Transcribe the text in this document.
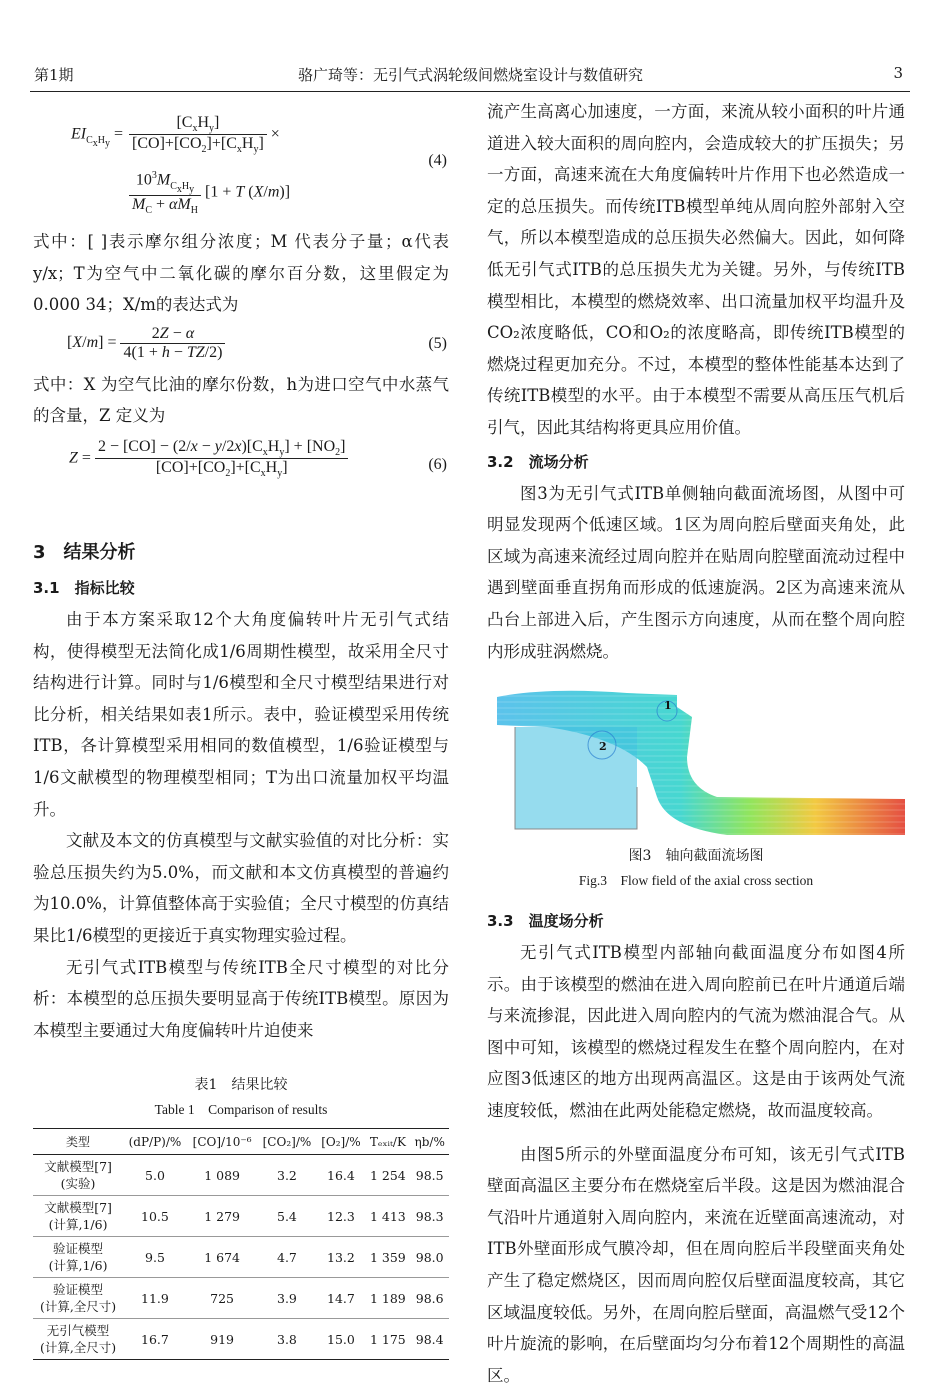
第1期	骆广琦等：无引气式涡轮级间燃烧室设计与数值研究	3
$EI_{C_xH_y} = \frac{[C_xH_y]}{[CO]+[CO_2]+[C_xH_y]}$ ×
$\frac{10^3M_{C_xH_y}}{M_C + \alpha M_H} [1 + T$ (X/m)]
(4)

式中：[ ]表示摩尔组分浓度；M 代表分子量；α代表y/x；T为空气中二氧化碳的摩尔百分数，这里假定为0.000 34；X/m的表达式为

$[X/m] = \frac{2Z - \alpha}{4(1 + h - TZ/2)}$	(5)

式中：X 为空气比油的摩尔份数，h为进口空气中水蒸气的含量，Z 定义为

$Z = \frac{2 - [CO] - (2/x - y/2x)[C_xH_y] + [NO_2]}{[CO]+[CO_2]+[C_xH_y]}$	(6)
3　结果分析
3.1　指标比较

由于本方案采取12个大角度偏转叶片无引气式结构，使得模型无法简化成1/6周期性模型，故采用全尺寸结构进行计算。同时与1/6模型和全尺寸模型结果进行对比分析，相关结果如表1所示。表中，验证模型采用传统ITB，各计算模型采用相同的数值模型，1/6验证模型与1/6文献模型的物理模型相同；T为出口流量加权平均温升。

文献及本文的仿真模型与文献实验值的对比分析：实验总压损失约为5.0%，而文献和本文仿真模型的普遍约为10.0%，计算值整体高于实验值；全尺寸模型的仿真结果比1/6模型的更接近于真实物理实验过程。

无引气式ITB模型与传统ITB全尺寸模型的对比分析：本模型的总压损失要明显高于传统ITB模型。原因为本模型主要通过大角度偏转叶片迫使来

表1　结果比较
Table 1　Comparison of results
类型	(dP/P)/%	[CO]/10⁻⁶	[CO₂]/%	[O₂]/%	Tₑₓᵢₜ/K	ηb/%
文献模型[7]
(实验)	5.0	1 089	3.2	16.4	1 254	98.5
文献模型[7]
(计算,1/6)	10.5	1 279	5.4	12.3	1 413	98.3
验证模型
(计算,1/6)	9.5	1 674	4.7	13.2	1 359	98.0
验证模型
(计算,全尺寸)	11.9	725	3.9	14.7	1 189	98.6
无引气模型
(计算,全尺寸)	16.7	919	3.8	15.0	1 175	98.4

流产生高离心加速度，一方面，来流从较小面积的叶片通道进入较大面积的周向腔内，会造成较大的扩压损失；另一方面，高速来流在大角度偏转叶片作用下也必然造成一定的总压损失。而传统ITB模型单纯从周向腔外部射入空气，所以本模型造成的总压损失必然偏大。因此，如何降低无引气式ITB的总压损失尤为关键。另外，与传统ITB模型相比，本模型的燃烧效率、出口流量加权平均温升及CO₂浓度略低，CO和O₂的浓度略高，即传统ITB模型的燃烧过程更加充分。不过，本模型的整体性能基本达到了传统ITB模型的水平。由于本模型不需要从高压压气机后引气，因此其结构将更具应用价值。

3.2　流场分析

图3为无引气式ITB单侧轴向截面流场图，从图中可明显发现两个低速区域。1区为周向腔后壁面夹角处，此区域为高速来流经过周向腔并在贴周向腔壁面流动过程中遇到壁面垂直拐角而形成的低速旋涡。2区为高速来流从凸台上部进入后，产生图示方向速度，从而在整个周向腔内形成驻涡燃烧。

1
2
图3　轴向截面流场图
Fig.3　Flow field of the axial cross section
3.3　温度场分析

无引气式ITB模型内部轴向截面温度分布如图4所示。由于该模型的燃油在进入周向腔前已在叶片通道后端与来流掺混，因此进入周向腔内的气流为燃油混合气。从图中可知，该模型的燃烧过程发生在整个周向腔内，在对应图3低速区的地方出现两高温区。这是由于该两处气流速度较低，燃油在此两处能稳定燃烧，故而温度较高。

由图5所示的外壁面温度分布可知，该无引气式ITB壁面高温区主要分布在燃烧室后半段。这是因为燃油混合气沿叶片通道射入周向腔内，来流在近壁面高速流动，对ITB外壁面形成气膜冷却，但在周向腔后半段壁面夹角处产生了稳定燃烧区，因而周向腔仅后壁面温度较高，其它区域温度较低。另外，在周向腔后壁面，高温燃气受12个叶片旋流的影响，在后壁面均匀分布着12个周期性的高温区。
